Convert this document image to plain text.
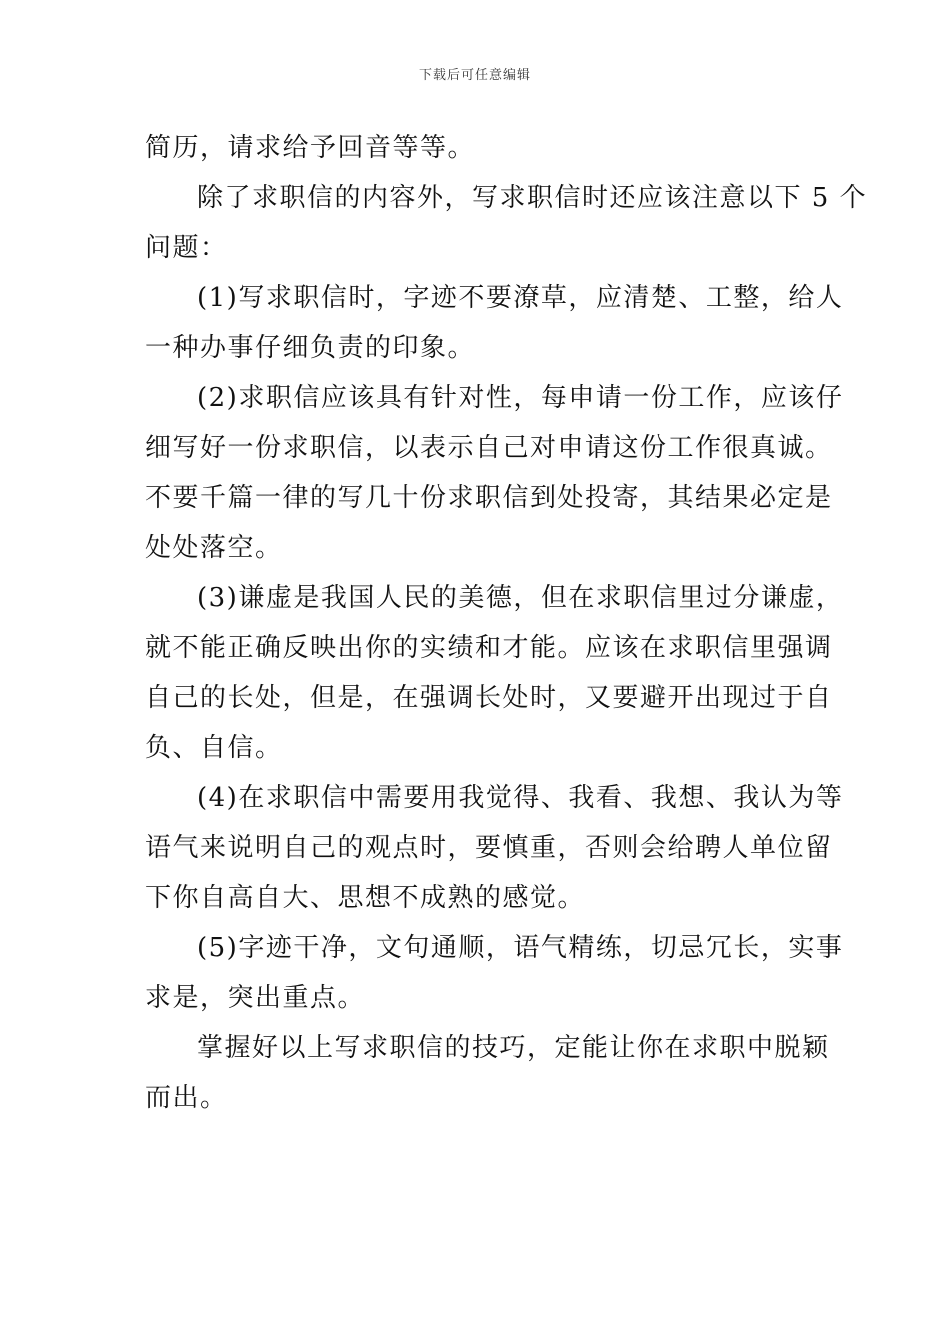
下载后可任意编辑
简历，请求给予回音等等。
除了求职信的内容外，写求职信时还应该注意以下 5 个
问题：
(1)写求职信时，字迹不要潦草，应清楚、工整，给人
一种办事仔细负责的印象。
(2)求职信应该具有针对性，每申请一份工作，应该仔
细写好一份求职信，以表示自己对申请这份工作很真诚。
不要千篇一律的写几十份求职信到处投寄，其结果必定是
处处落空。
(3)谦虚是我国人民的美德，但在求职信里过分谦虚，
就不能正确反映出你的实绩和才能。应该在求职信里强调
自己的长处，但是，在强调长处时，又要避开出现过于自
负、自信。
(4)在求职信中需要用我觉得、我看、我想、我认为等
语气来说明自己的观点时，要慎重，否则会给聘人单位留
下你自高自大、思想不成熟的感觉。
(5)字迹干净，文句通顺，语气精练，切忌冗长，实事
求是，突出重点。
掌握好以上写求职信的技巧，定能让你在求职中脱颖
而出。
